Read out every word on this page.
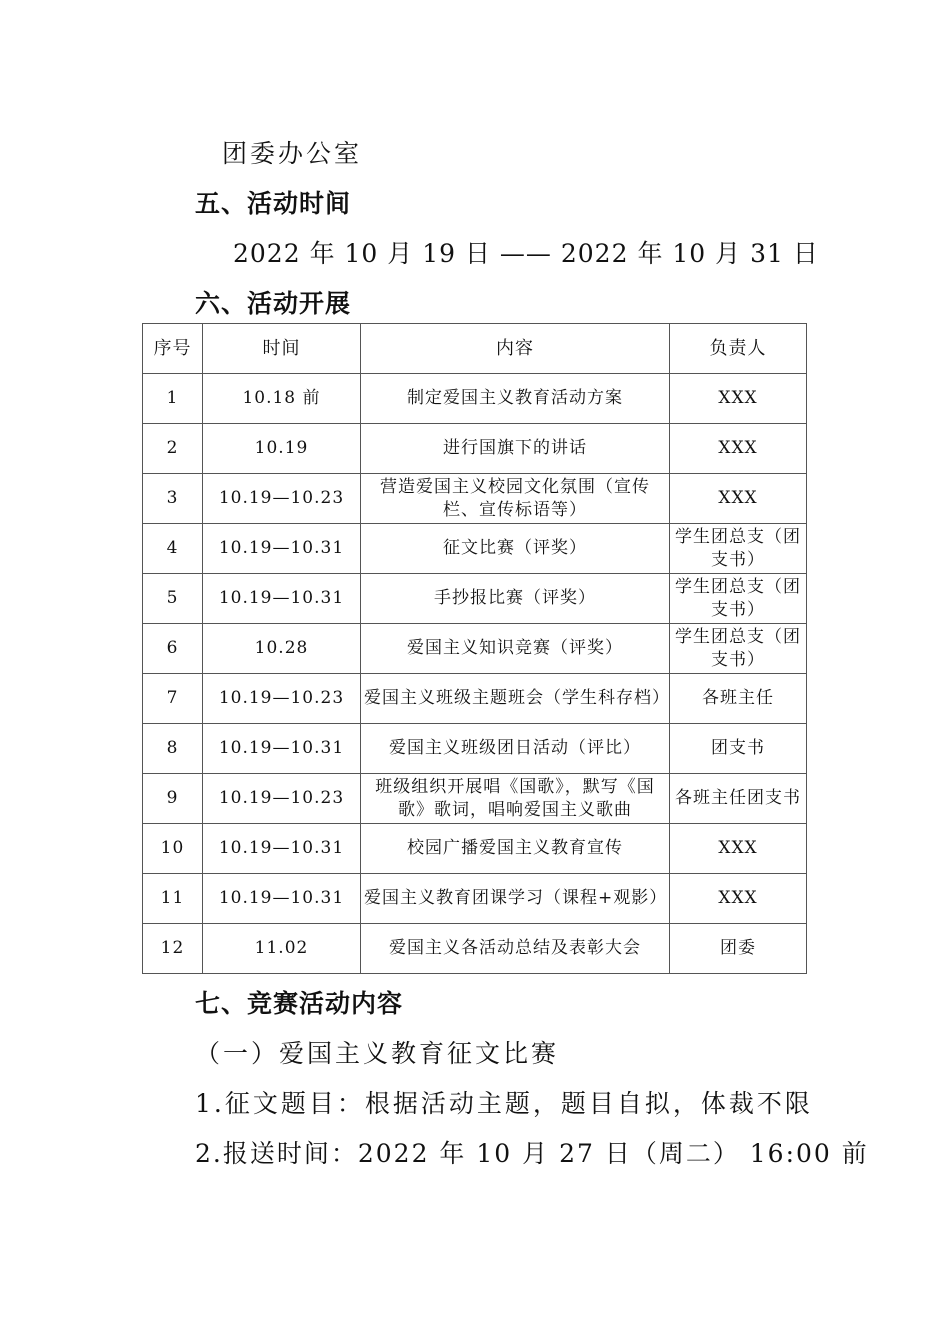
团委办公室
五、活动时间
2022 年 10 月 19 日 —— 2022 年 10 月 31 日
六、活动开展
序号	时间	内容	负责人
1	10.18 前	制定爱国主义教育活动方案	XXX
2	10.19	进行国旗下的讲话	XXX
3	10.19—10.23	营造爱国主义校园文化氛围（宣传栏、宣传标语等）	XXX
4	10.19—10.31	征文比赛（评奖）	学生团总支（团支书）
5	10.19—10.31	手抄报比赛（评奖）	学生团总支（团支书）
6	10.28	爱国主义知识竞赛（评奖）	学生团总支（团支书）
7	10.19—10.23	爱国主义班级主题班会（学生科存档）	各班主任
8	10.19—10.31	爱国主义班级团日活动（评比）	团支书
9	10.19—10.23	班级组织开展唱《国歌》，默写《国歌》歌词，唱响爱国主义歌曲	各班主任团支书
10	10.19—10.31	校园广播爱国主义教育宣传	XXX
11	10.19—10.31	爱国主义教育团课学习（课程+观影）	XXX
12	11.02	爱国主义各活动总结及表彰大会	团委
七、竞赛活动内容
（一）爱国主义教育征文比赛
1.征文题目：根据活动主题，题目自拟，体裁不限
2.报送时间：2022 年 10 月 27 日（周二） 16:00 前
